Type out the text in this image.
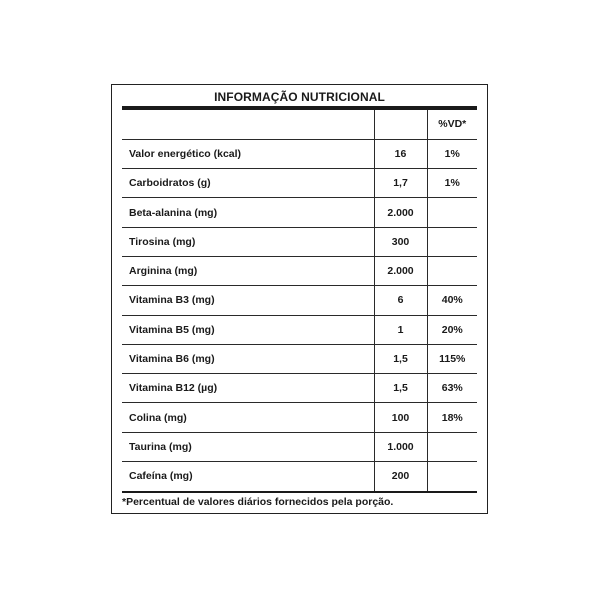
INFORMAÇÃO NUTRICIONAL
		%VD*
Valor energético (kcal)	16	1%
Carboidratos (g)	1,7	1%
Beta-alanina (mg)	2.000	
Tirosina (mg)	300	
Arginina (mg)	2.000	
Vitamina B3 (mg)	6	40%
Vitamina B5 (mg)	1	20%
Vitamina B6 (mg)	1,5	115%
Vitamina B12 (µg)	1,5	63%
Colina (mg)	100	18%
Taurina (mg)	1.000	
Cafeína (mg)	200	
*Percentual de valores diários fornecidos pela porção.
